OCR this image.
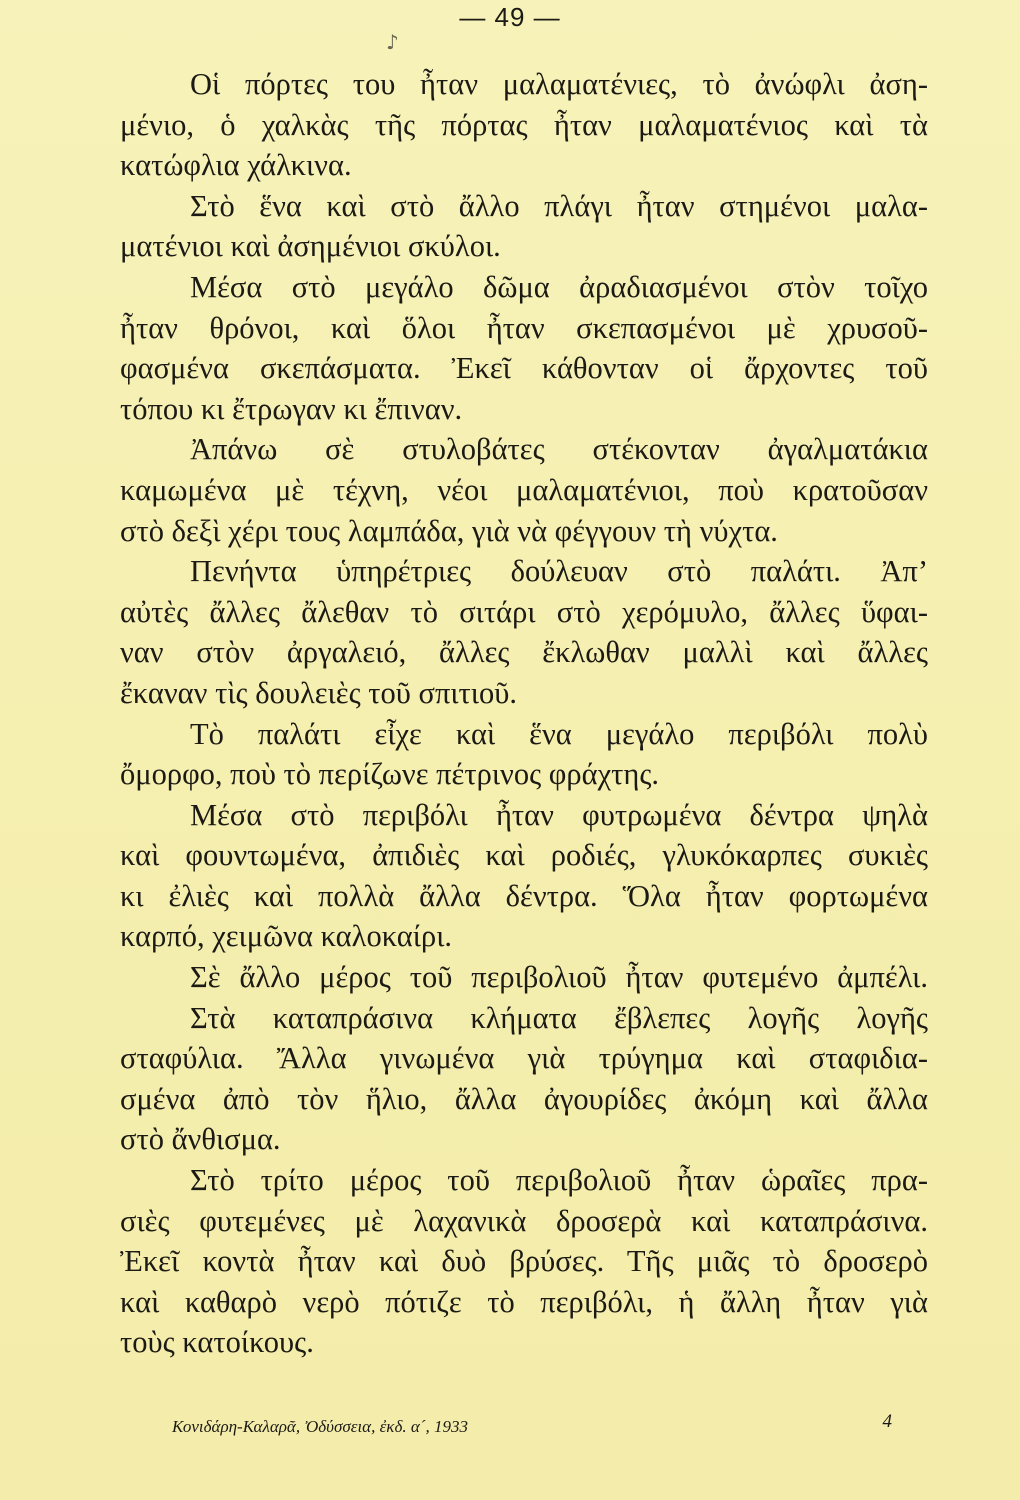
— 49 —
♪
Οἱ πόρτες του ἦταν μαλαματένιες, τὸ ἀνώφλι ἀση-
μένιο, ὁ χαλκὰς τῆς πόρτας ἦταν μαλαματένιος καὶ τὰ
κατώφλια χάλκινα.
Στὸ ἕνα καὶ στὸ ἄλλο πλάγι ἦταν στημένοι μαλα-
ματένιοι καὶ ἀσημένιοι σκύλοι.
Μέσα στὸ μεγάλο δῶμα ἀραδιασμένοι στὸν τοῖχο
ἦταν θρόνοι, καὶ ὅλοι ἦταν σκεπασμένοι μὲ χρυσοῦ-
φασμένα σκεπάσματα. Ἐκεῖ κάθονταν οἱ ἄρχοντες τοῦ
τόπου κι ἔτρωγαν κι ἔπιναν.
Ἀπάνω σὲ στυλοβάτες στέκονταν ἀγαλματάκια
καμωμένα μὲ τέχνη, νέοι μαλαματένιοι, ποὺ κρατοῦσαν
στὸ δεξὶ χέρι τους λαμπάδα, γιὰ νὰ φέγγουν τὴ νύχτα.
Πενήντα ὑπηρέτριες δούλευαν στὸ παλάτι. Ἀπ’
αὐτὲς ἄλλες ἄλεθαν τὸ σιτάρι στὸ χερόμυλο, ἄλλες ὕφαι-
ναν στὸν ἀργαλειό, ἄλλες ἔκλωθαν μαλλὶ καὶ ἄλλες
ἔκαναν τὶς δουλειὲς τοῦ σπιτιοῦ.
Τὸ παλάτι εἶχε καὶ ἕνα μεγάλο περιβόλι πολὺ
ὄμορφο, ποὺ τὸ περίζωνε πέτρινος φράχτης.
Μέσα στὸ περιβόλι ἦταν φυτρωμένα δέντρα ψηλὰ
καὶ φουντωμένα, ἀπιδιὲς καὶ ροδιές, γλυκόκαρπες συκιὲς
κι ἐλιὲς καὶ πολλὰ ἄλλα δέντρα. Ὅλα ἦταν φορτωμένα
καρπό, χειμῶνα καλοκαίρι.
Σὲ ἄλλο μέρος τοῦ περιβολιοῦ ἦταν φυτεμένο ἀμπέλι.
Στὰ καταπράσινα κλήματα ἔβλεπες λογῆς λογῆς
σταφύλια. Ἄλλα γινωμένα γιὰ τρύγημα καὶ σταφιδια-
σμένα ἀπὸ τὸν ἥλιο, ἄλλα ἀγουρίδες ἀκόμη καὶ ἄλλα
στὸ ἄνθισμα.
Στὸ τρίτο μέρος τοῦ περιβολιοῦ ἦταν ὡραῖες πρα-
σιὲς φυτεμένες μὲ λαχανικὰ δροσερὰ καὶ καταπράσινα.
Ἐκεῖ κοντὰ ἦταν καὶ δυὸ βρύσες. Τῆς μιᾶς τὸ δροσερὸ
καὶ καθαρὸ νερὸ πότιζε τὸ περιβόλι, ἡ ἄλλη ἦταν γιὰ
τοὺς κατοίκους.
Κονιδάρη-Καλαρᾶ, Ὀδύσσεια, ἐκδ. α´, 1933	4
